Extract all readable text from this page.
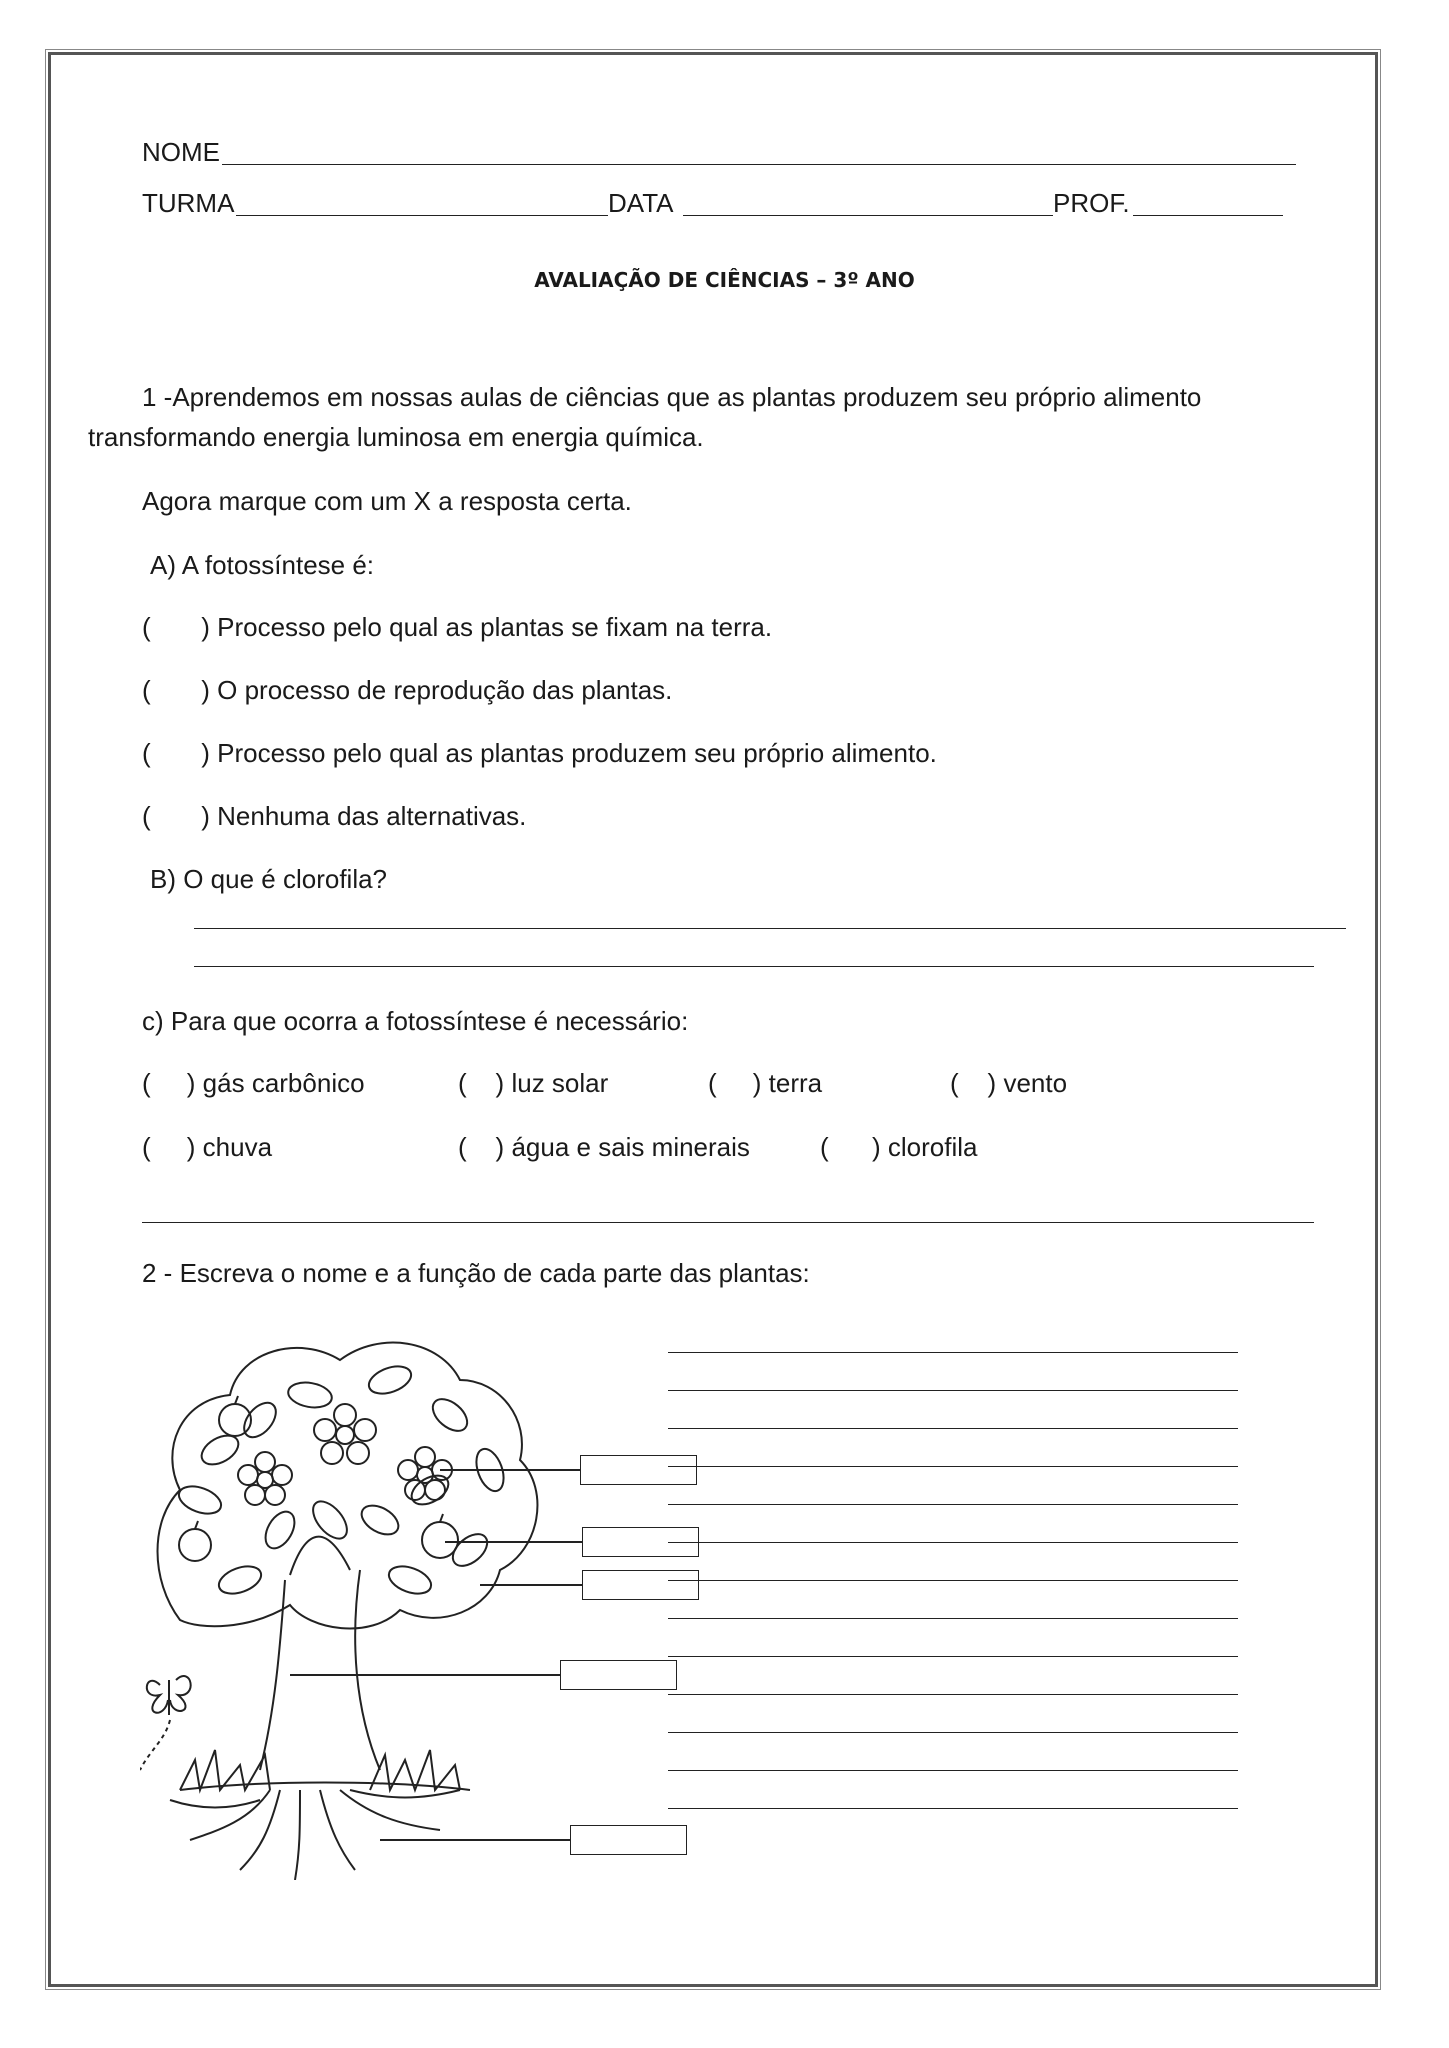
NOME
TURMA	DATA	PROF.
AVALIAÇÃO DE CIÊNCIAS – 3º ANO
1 -Aprendemos em nossas aulas de ciências que as plantas produzem seu próprio alimento
transformando energia luminosa em energia química.
Agora marque com um X a resposta certa.
A) A fotossíntese é:
(       ) Processo pelo qual as plantas se fixam na terra.
(       ) O processo de reprodução das plantas.
(       ) Processo pelo qual as plantas produzem seu próprio alimento.
(       ) Nenhuma das alternativas.
B) O que é clorofila?
c) Para que ocorra a fotossíntese é necessário:
(     ) gás carbônico	(    ) luz solar	(     ) terra	(    ) vento
(     ) chuva	(    ) água e sais minerais	(      ) clorofila
2 - Escreva o nome e a função de cada parte das plantas:
